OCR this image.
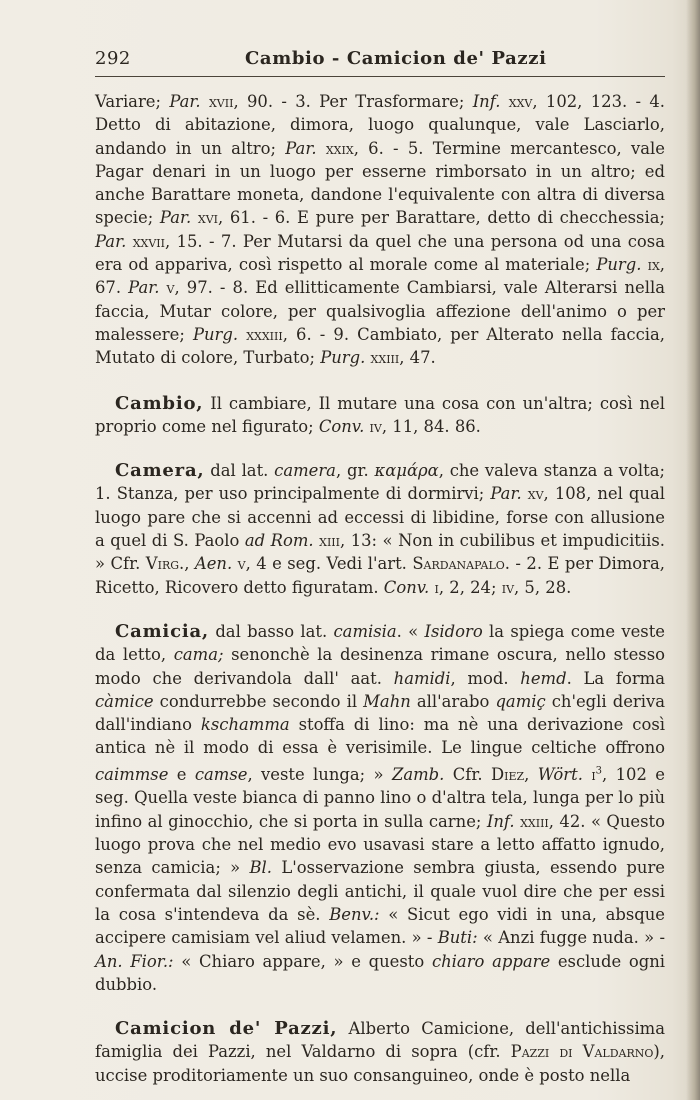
292	Cambio - Camicion de' Pazzi

Variare; Par. xvii, 90. - 3. Per Trasformare; Inf. xxv, 102, 123. - 4. Detto di abitazione, dimora, luogo qualunque, vale Lasciarlo, andando in un altro; Par. xxix, 6. - 5. Termine mercantesco, vale Pagar denari in un luogo per esserne rimborsato in un altro; ed anche Barattare moneta, dandone l'equivalente con altra di diversa specie; Par. xvi, 61. - 6. E pure per Barattare, detto di checchessia; Par. xxvii, 15. - 7. Per Mutarsi da quel che una persona od una cosa era od appariva, così rispetto al morale come al materiale; Purg. ix, 67. Par. v, 97. - 8. Ed ellitticamente Cambiarsi, vale Alterarsi nella faccia, Mutar colore, per qualsivoglia affezione dell'animo o per malessere; Purg. xxxiii, 6. - 9. Cambiato, per Alterato nella faccia, Mutato di colore, Turbato; Purg. xxiii, 47.

Cambio, Il cambiare, Il mutare una cosa con un'altra; così nel proprio come nel figurato; Conv. iv, 11, 84. 86.

Camera, dal lat. camera, gr. καμάρα, che valeva stanza a volta; 1. Stanza, per uso principalmente di dormirvi; Par. xv, 108, nel qual luogo pare che si accenni ad eccessi di libidine, forse con allusione a quel di S. Paolo ad Rom. xiii, 13: « Non in cubilibus et impudicitiis. » Cfr. Virg., Aen. v, 4 e seg. Vedi l'art. Sardanapalo. - 2. E per Dimora, Ricetto, Ricovero detto figuratam. Conv. i, 2, 24; iv, 5, 28.

Camicia, dal basso lat. camisia. « Isidoro la spiega come veste da letto, cama; senonchè la desinenza rimane oscura, nello stesso modo che derivandola dall' aat. hamidi, mod. hemd. La forma càmice condurrebbe secondo il Mahn all'arabo qamiç ch'egli deriva dall'indiano kschamma stoffa di lino: ma nè una derivazione così antica nè il modo di essa è verisimile. Le lingue celtiche offrono caimmse e camse, veste lunga; » Zamb. Cfr. Diez, Wört. $i^3$, 102 e seg. Quella veste bianca di panno lino o d'altra tela, lunga per lo più infino al ginocchio, che si porta in sulla carne; Inf. xxiii, 42. « Questo luogo prova che nel medio evo usavasi stare a letto affatto ignudo, senza camicia; » Bl. L'osservazione sembra giusta, essendo pure confermata dal silenzio degli antichi, il quale vuol dire che per essi la cosa s'intendeva da sè. Benv.: « Sicut ego vidi in una, absque accipere camisiam vel aliud velamen. » - Buti: « Anzi fugge nuda. » - An. Fior.: « Chiaro appare, » e questo chiaro appare esclude ogni dubbio.

Camicion de' Pazzi, Alberto Camicione, dell'antichissima famiglia dei Pazzi, nel Valdarno di sopra (cfr. Pazzi di Valdarno), uccise proditoriamente un suo consanguineo, onde è posto nella
